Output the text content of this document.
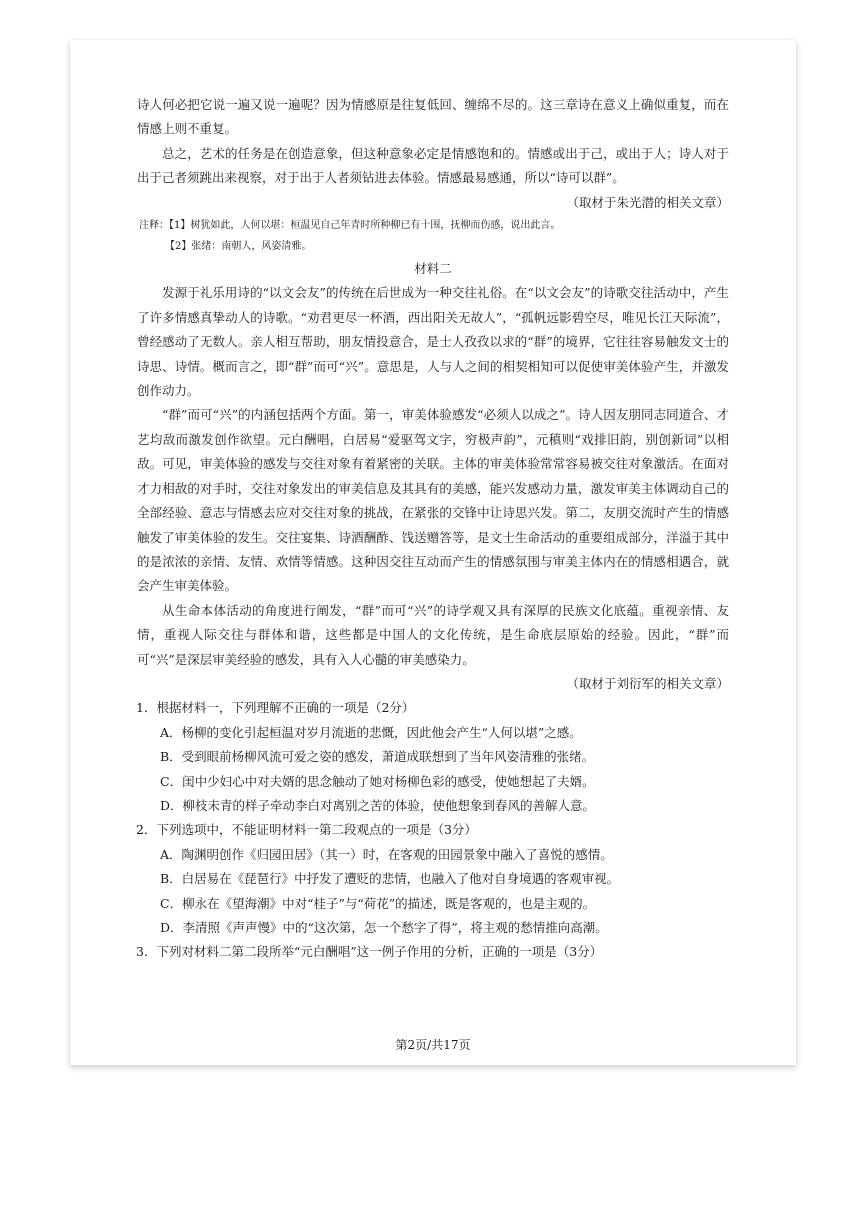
诗人何必把它说一遍又说一遍呢？因为情感原是往复低回、缠绵不尽的。这三章诗在意义上确似重复，而在情感上则不重复。

总之，艺术的任务是在创造意象，但这种意象必定是情感饱和的。情感或出于己，或出于人；诗人对于出于己者须跳出来视察，对于出于人者须钻进去体验。情感最易感通，所以“诗可以群”。

（取材于朱光潜的相关文章）

注释：【1】树犹如此，人何以堪：桓温见自己年青时所种柳已有十围，抚柳而伤感，说出此言。

【2】张绪：南朝人，风姿清雅。

材料二

发源于礼乐用诗的“以文会友”的传统在后世成为一种交往礼俗。在“以文会友”的诗歌交往活动中，产生了许多情感真挚动人的诗歌。“劝君更尽一杯酒，西出阳关无故人”，“孤帆远影碧空尽，唯见长江天际流”，曾经感动了无数人。亲人相互帮助，朋友情投意合，是士人孜孜以求的“群”的境界，它往往容易触发文士的诗思、诗情。概而言之，即“群”而可“兴”。意思是，人与人之间的相契相知可以促使审美体验产生，并激发创作动力。

“群”而可“兴”的内涵包括两个方面。第一，审美体验感发“必须人以成之”。诗人因友朋同志同道合、才艺均敌而激发创作欲望。元白酬唱，白居易“爱驱驾文字，穷极声韵”，元稹则“戏排旧韵，别创新词”以相敌。可见，审美体验的感发与交往对象有着紧密的关联。主体的审美体验常常容易被交往对象激活。在面对才力相敌的对手时，交往对象发出的审美信息及其具有的美感，能兴发感动力量，激发审美主体调动自己的全部经验、意志与情感去应对交往对象的挑战，在紧张的交锋中让诗思兴发。第二，友朋交流时产生的情感触发了审美体验的发生。交往宴集、诗酒酬酢、饯送赠答等，是文士生命活动的重要组成部分，洋溢于其中的是浓浓的亲情、友情、欢情等情感。这种因交往互动而产生的情感氛围与审美主体内在的情感相遇合，就会产生审美体验。

从生命本体活动的角度进行阐发，“群”而可“兴”的诗学观又具有深厚的民族文化底蕴。重视亲情、友情，重视人际交往与群体和谐，这些都是中国人的文化传统，是生命底层原始的经验。因此，“群”而可“兴”是深层审美经验的感发，具有入人心髓的审美感染力。

（取材于刘衍军的相关文章）

1．根据材料一，下列理解不正确的一项是（2分）

A．杨柳的变化引起桓温对岁月流逝的悲慨，因此他会产生“人何以堪”之感。

B．受到眼前杨柳风流可爱之姿的感发，萧道成联想到了当年风姿清雅的张绪。

C．闺中少妇心中对夫婿的思念触动了她对杨柳色彩的感受，使她想起了夫婿。

D．柳枝未青的样子牵动李白对离别之苦的体验，使他想象到春风的善解人意。

2．下列选项中，不能证明材料一第二段观点的一项是（3分）

A．陶渊明创作《归园田居》（其一）时，在客观的田园景象中融入了喜悦的感情。

B．白居易在《琵琶行》中抒发了遭贬的悲情，也融入了他对自身境遇的客观审视。

C．柳永在《望海潮》中对“桂子”与“荷花”的描述，既是客观的，也是主观的。

D．李清照《声声慢》中的“这次第，怎一个愁字了得”，将主观的愁情推向高潮。

3．下列对材料二第二段所举“元白酬唱”这一例子作用的分析，正确的一项是（3分）

第2页/共17页
